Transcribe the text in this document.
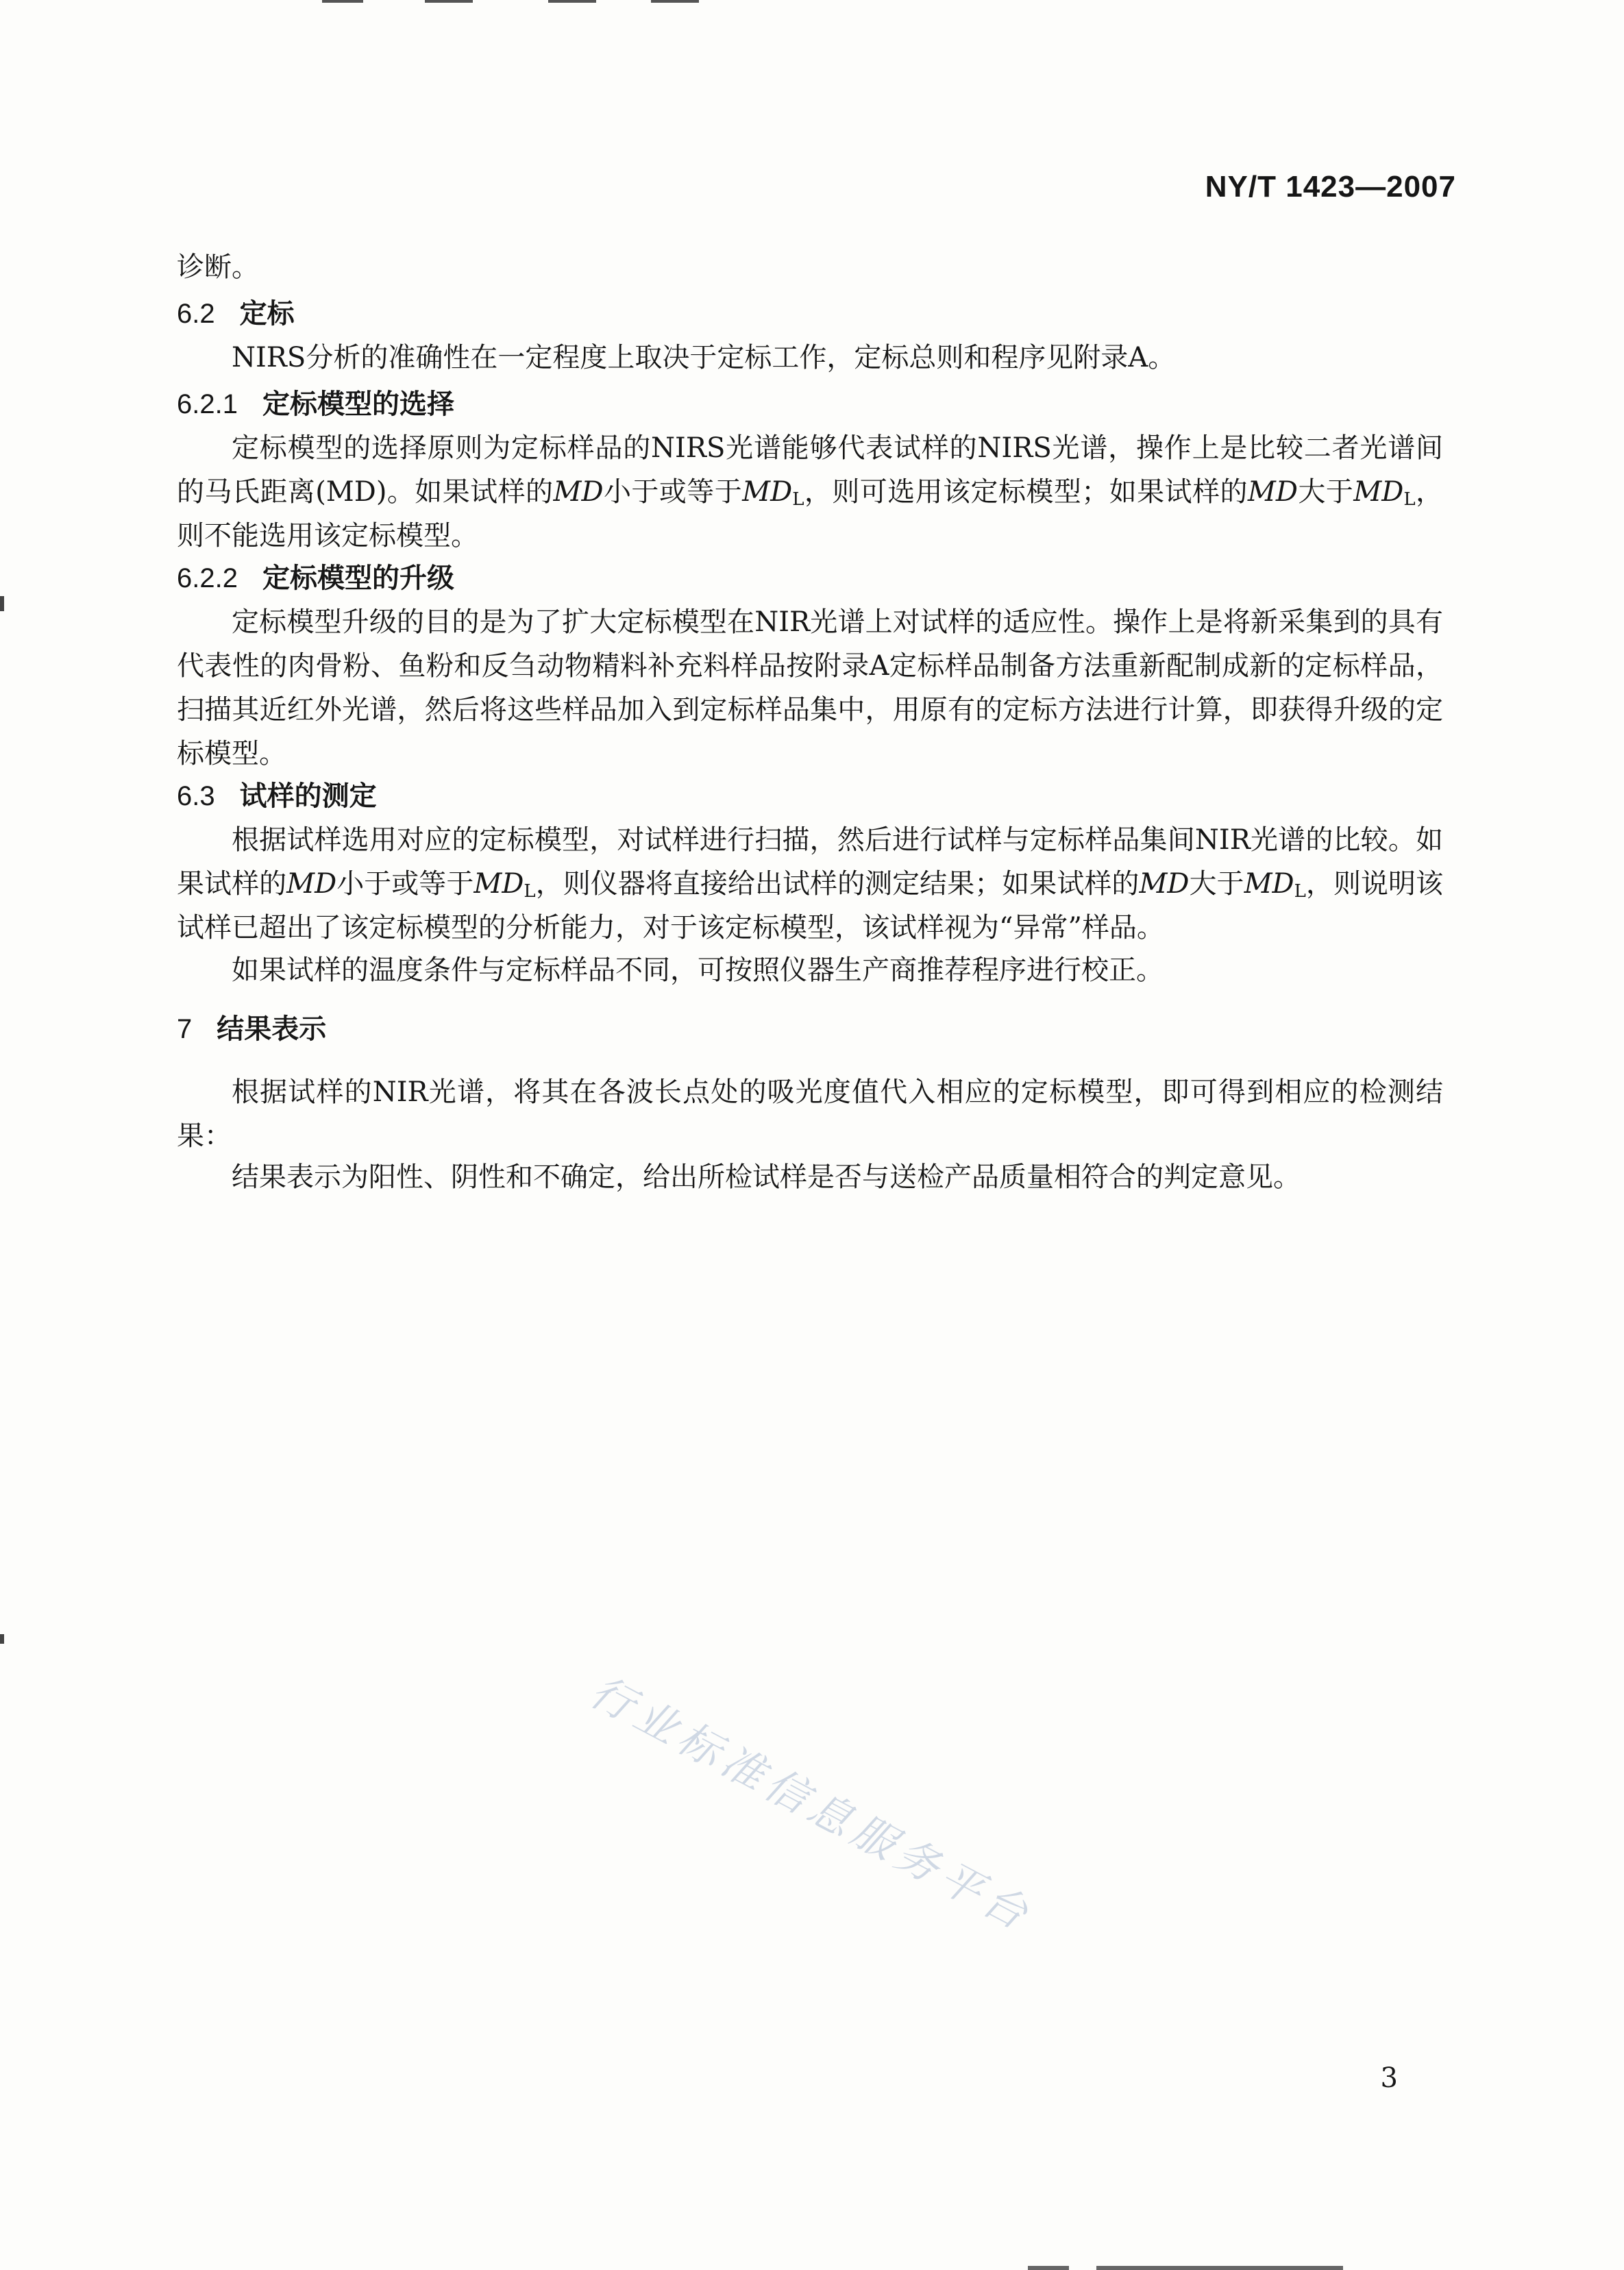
NY/T 1423—2007

诊断。

6.2 定标

NIRS分析的准确性在一定程度上取决于定标工作，定标总则和程序见附录A。

6.2.1 定标模型的选择

定标模型的选择原则为定标样品的NIRS光谱能够代表试样的NIRS光谱，操作上是比较二者光谱间的马氏距离(MD)。如果试样的MD小于或等于$MD_L$，则可选用该定标模型；如果试样的MD大于$MD_L$，则不能选用该定标模型。

6.2.2 定标模型的升级

定标模型升级的目的是为了扩大定标模型在NIR光谱上对试样的适应性。操作上是将新采集到的具有代表性的肉骨粉、鱼粉和反刍动物精料补充料样品按附录A定标样品制备方法重新配制成新的定标样品，扫描其近红外光谱，然后将这些样品加入到定标样品集中，用原有的定标方法进行计算，即获得升级的定标模型。

6.3 试样的测定

根据试样选用对应的定标模型，对试样进行扫描，然后进行试样与定标样品集间NIR光谱的比较。如果试样的MD小于或等于$MD_L$，则仪器将直接给出试样的测定结果；如果试样的MD大于$MD_L$，则说明该试样已超出了该定标模型的分析能力，对于该定标模型，该试样视为“异常”样品。

如果试样的温度条件与定标样品不同，可按照仪器生产商推荐程序进行校正。

7 结果表示

根据试样的NIR光谱，将其在各波长点处的吸光度值代入相应的定标模型，即可得到相应的检测结果：

结果表示为阳性、阴性和不确定，给出所检试样是否与送检产品质量相符合的判定意见。

行业标准信息服务平台
3
